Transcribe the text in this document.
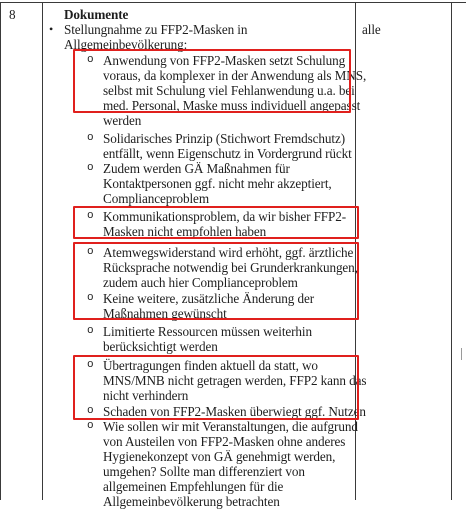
8	Dokumente
alle
• Stellungnahme zu FFP2-Masken in
Allgemeinbevölkerung:
o Anwendung von FFP2-Masken setzt Schulung
voraus, da komplexer in der Anwendung als MNS,
selbst mit Schulung viel Fehlanwendung u.a. bei
med. Personal, Maske muss individuell angepasst
werden
o Solidarisches Prinzip (Stichwort Fremdschutz)
entfällt, wenn Eigenschutz in Vordergrund rückt
o Zudem werden GÄ Maßnahmen für
Kontaktpersonen ggf. nicht mehr akzeptiert,
Complianceproblem
o Kommunikationsproblem, da wir bisher FFP2-
Masken nicht empfohlen haben
o Atemwegswiderstand wird erhöht, ggf. ärztliche
Rücksprache notwendig bei Grunderkrankungen,
zudem auch hier Complianceproblem
o Keine weitere, zusätzliche Änderung der
Maßnahmen gewünscht
o Limitierte Ressourcen müssen weiterhin
berücksichtigt werden
o Übertragungen finden aktuell da statt, wo
MNS/MNB nicht getragen werden, FFP2 kann das
nicht verhindern
o Schaden von FFP2-Masken überwiegt ggf. Nutzen
o Wie sollen wir mit Veranstaltungen, die aufgrund
von Austeilen von FFP2-Masken ohne anderes
Hygienekonzept von GÄ genehmigt werden,
umgehen? Sollte man differenziert von
allgemeinen Empfehlungen für die
Allgemeinbevölkerung betrachten
